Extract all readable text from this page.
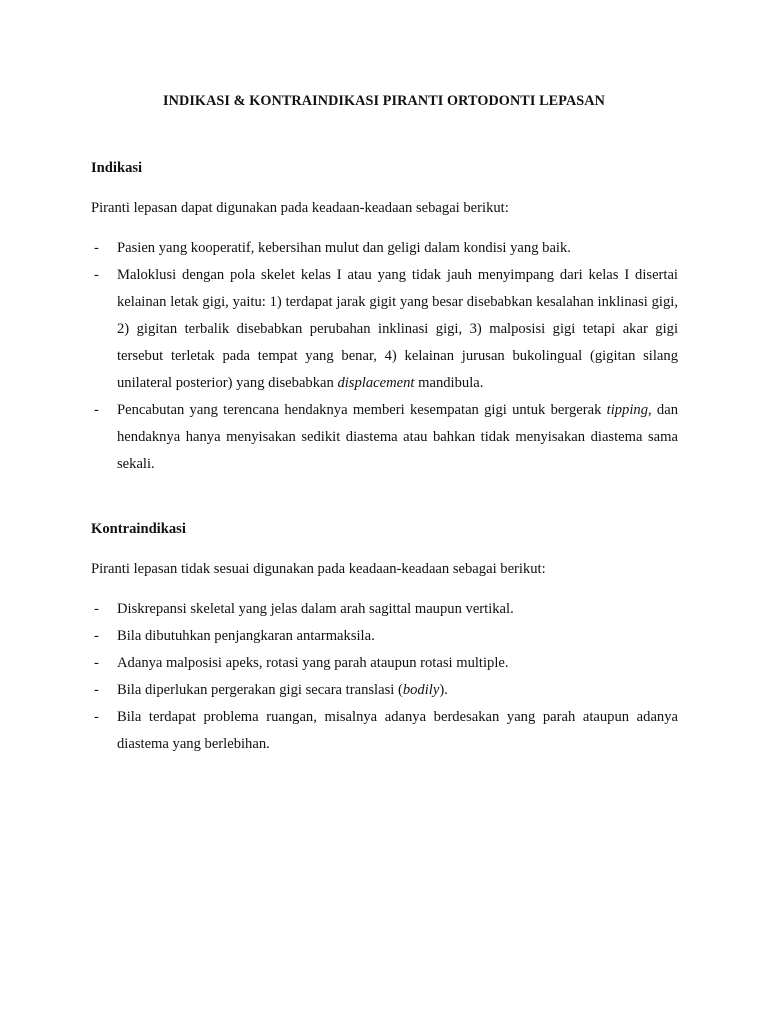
INDIKASI & KONTRAINDIKASI PIRANTI ORTODONTI LEPASAN
Indikasi

Piranti lepasan dapat digunakan pada keadaan-keadaan sebagai berikut:

- Pasien yang kooperatif, kebersihan mulut dan geligi dalam kondisi yang baik.
- Maloklusi dengan pola skelet kelas I atau yang tidak jauh menyimpang dari kelas I disertai kelainan letak gigi, yaitu: 1) terdapat jarak gigit yang besar disebabkan kesalahan inklinasi gigi, 2) gigitan terbalik disebabkan perubahan inklinasi gigi, 3) malposisi gigi tetapi akar gigi tersebut terletak pada tempat yang benar, 4) kelainan jurusan bukolingual (gigitan silang unilateral posterior) yang disebabkan displacement mandibula.
- Pencabutan yang terencana hendaknya memberi kesempatan gigi untuk bergerak tipping, dan hendaknya hanya menyisakan sedikit diastema atau bahkan tidak menyisakan diastema sama sekali.
Kontraindikasi

Piranti lepasan tidak sesuai digunakan pada keadaan-keadaan sebagai berikut:

- Diskrepansi skeletal yang jelas dalam arah sagittal maupun vertikal.
- Bila dibutuhkan penjangkaran antarmaksila.
- Adanya malposisi apeks, rotasi yang parah ataupun rotasi multiple.
- Bila diperlukan pergerakan gigi secara translasi (bodily).
- Bila terdapat problema ruangan, misalnya adanya berdesakan yang parah ataupun adanya diastema yang berlebihan.
